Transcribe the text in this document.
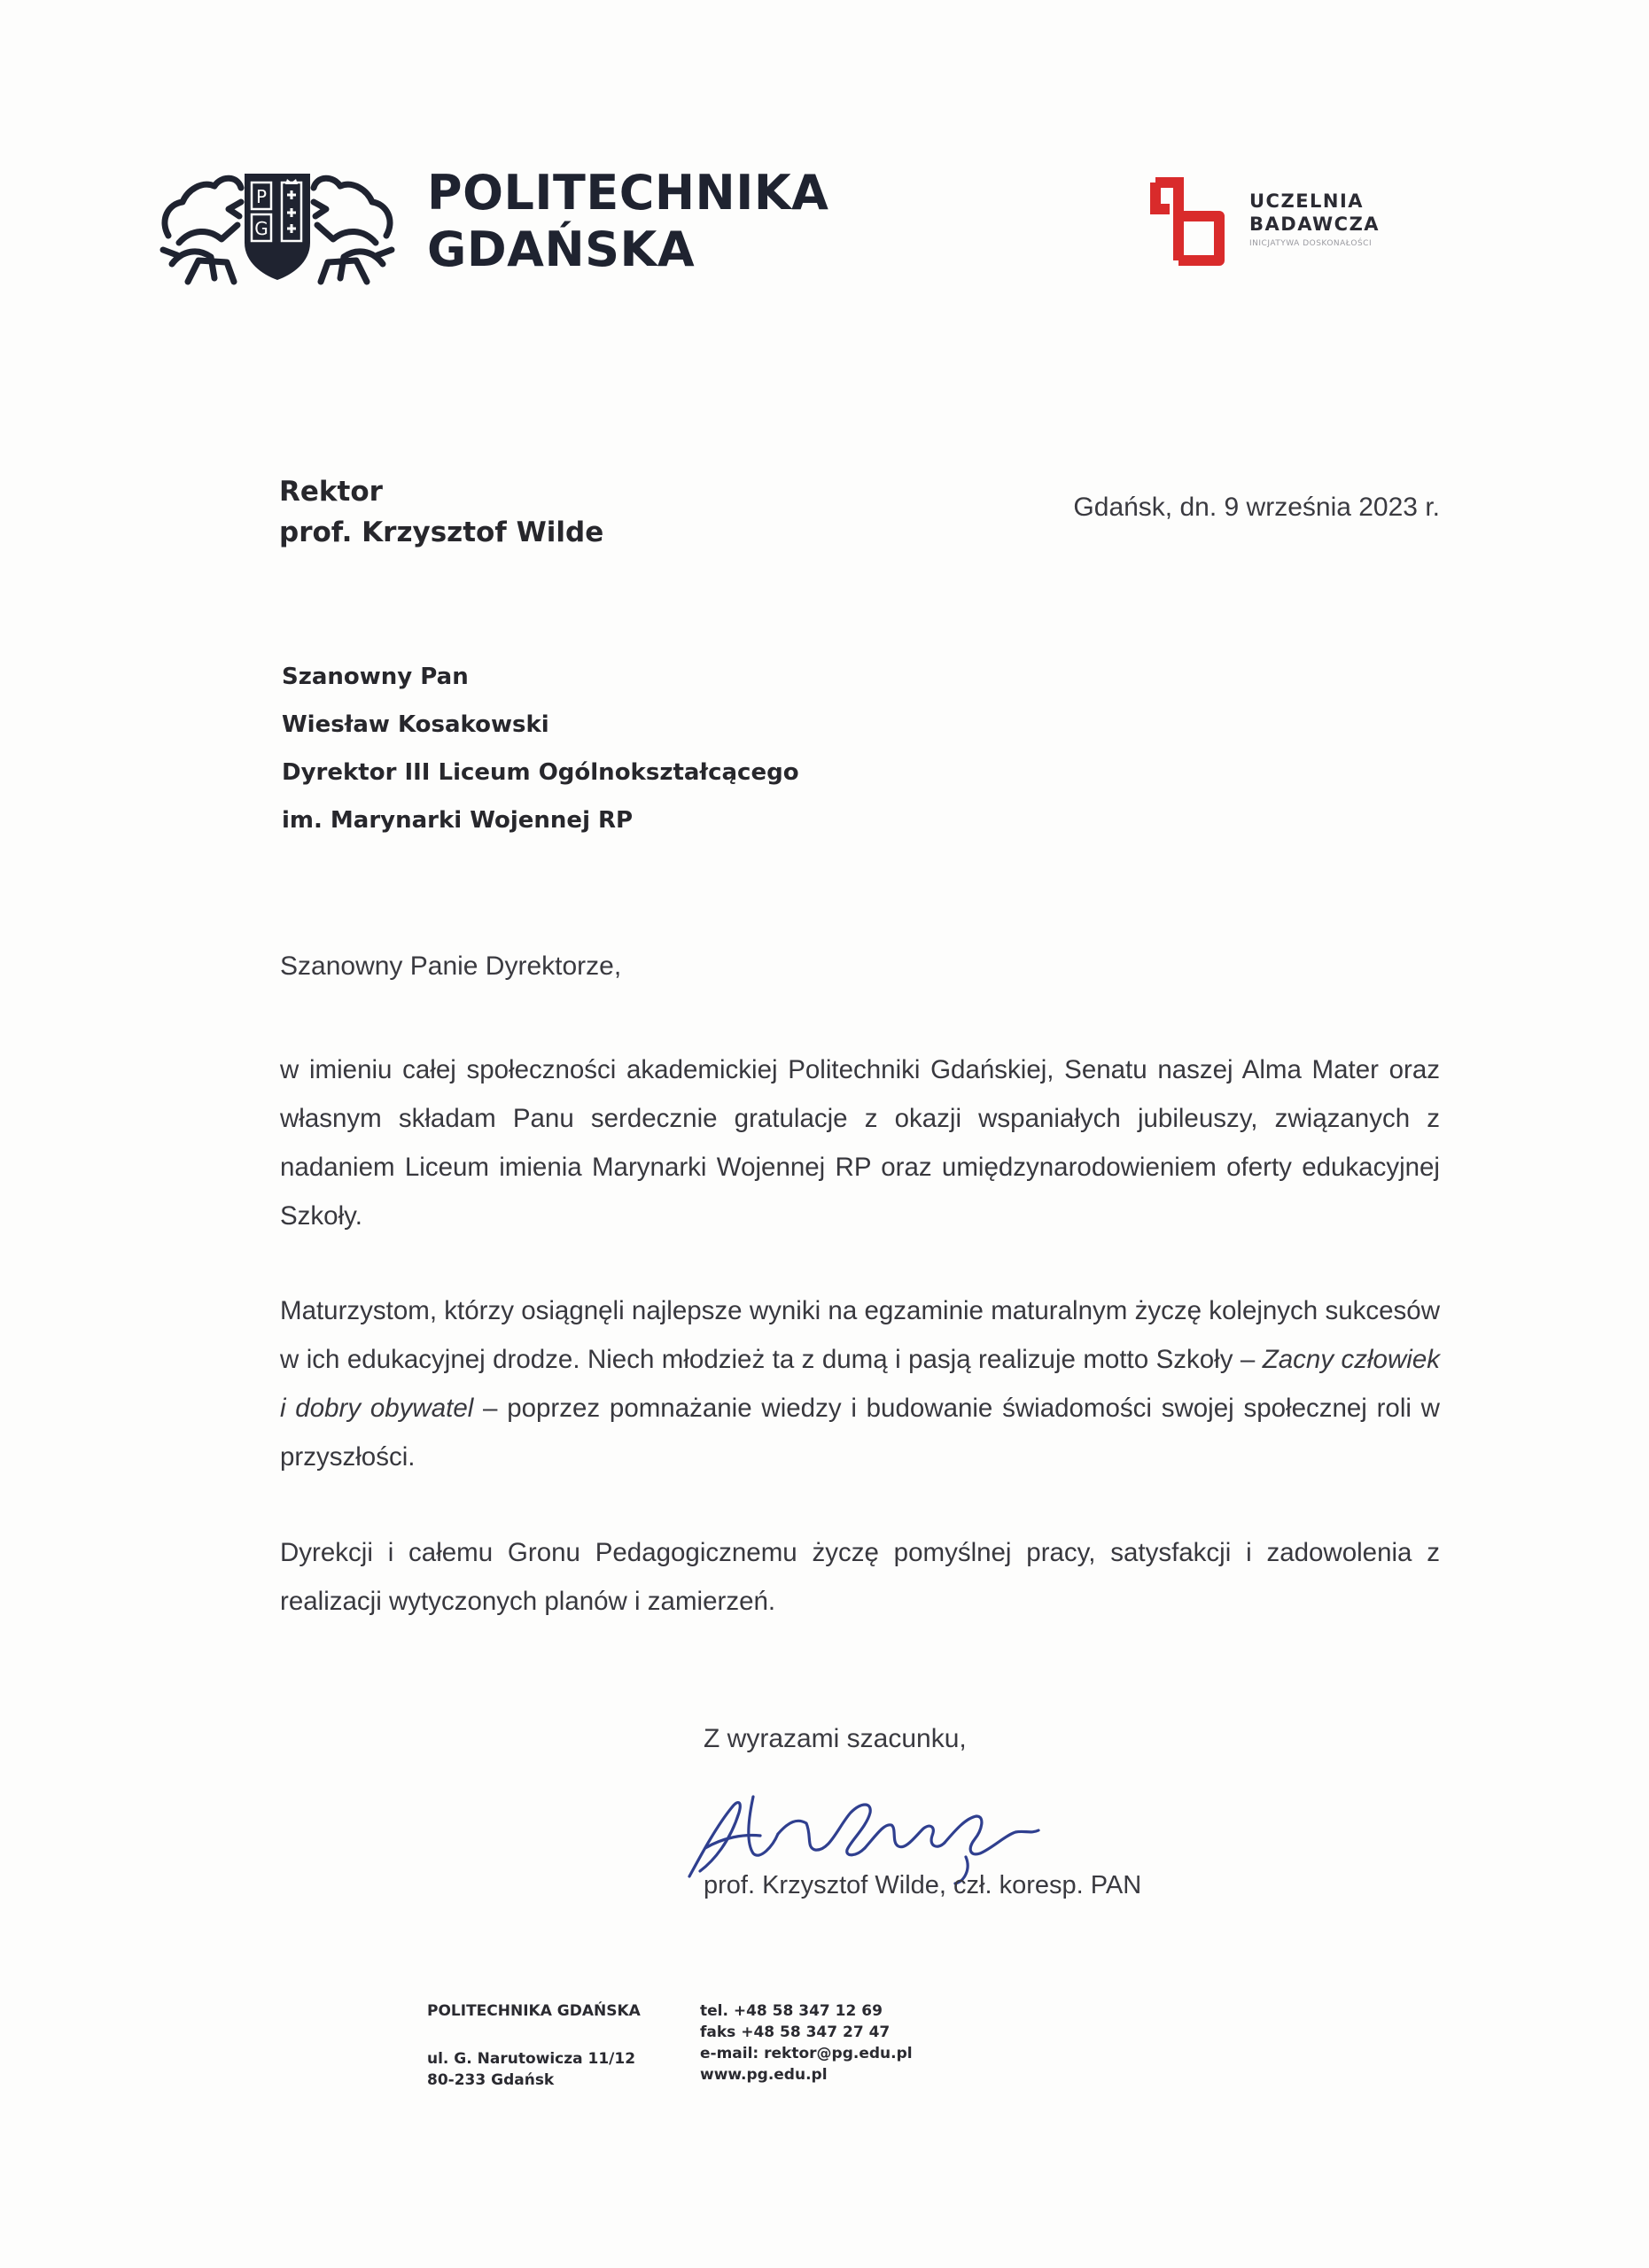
P
G
POLITECHNIKA
GDAŃSKA
UCZELNIA
BADAWCZA
INICJATYWA DOSKONAŁOŚCI
Rektor
prof. Krzysztof Wilde
Gdańsk, dn. 9 września 2023 r.
Szanowny Pan
Wiesław Kosakowski
Dyrektor III Liceum Ogólnokształcącego
im. Marynarki Wojennej RP
Szanowny Panie Dyrektorze,
w imieniu całej społeczności akademickiej Politechniki Gdańskiej, Senatu naszej Alma Mater oraz własnym składam Panu serdecznie gratulacje z okazji wspaniałych jubileuszy, związanych z nadaniem Liceum imienia Marynarki Wojennej RP oraz umiędzynarodowieniem oferty edukacyjnej Szkoły.
Maturzystom, którzy osiągnęli najlepsze wyniki na egzaminie maturalnym życzę kolejnych sukcesów w ich edukacyjnej drodze. Niech młodzież ta z dumą i pasją realizuje motto Szkoły – Zacny człowiek i dobry obywatel – poprzez pomnażanie wiedzy i budowanie świadomości swojej społecznej roli w przyszłości.
Dyrekcji i całemu Gronu Pedagogicznemu życzę pomyślnej pracy, satysfakcji i zadowolenia z realizacji wytyczonych planów i zamierzeń.
Z wyrazami szacunku,
prof. Krzysztof Wilde, czł. koresp. PAN
POLITECHNIKA GDAŃSKA
ul. G. Narutowicza 11/12
80-233 Gdańsk
tel. +48 58 347 12 69
faks +48 58 347 27 47
e-mail: rektor@pg.edu.pl
www.pg.edu.pl
